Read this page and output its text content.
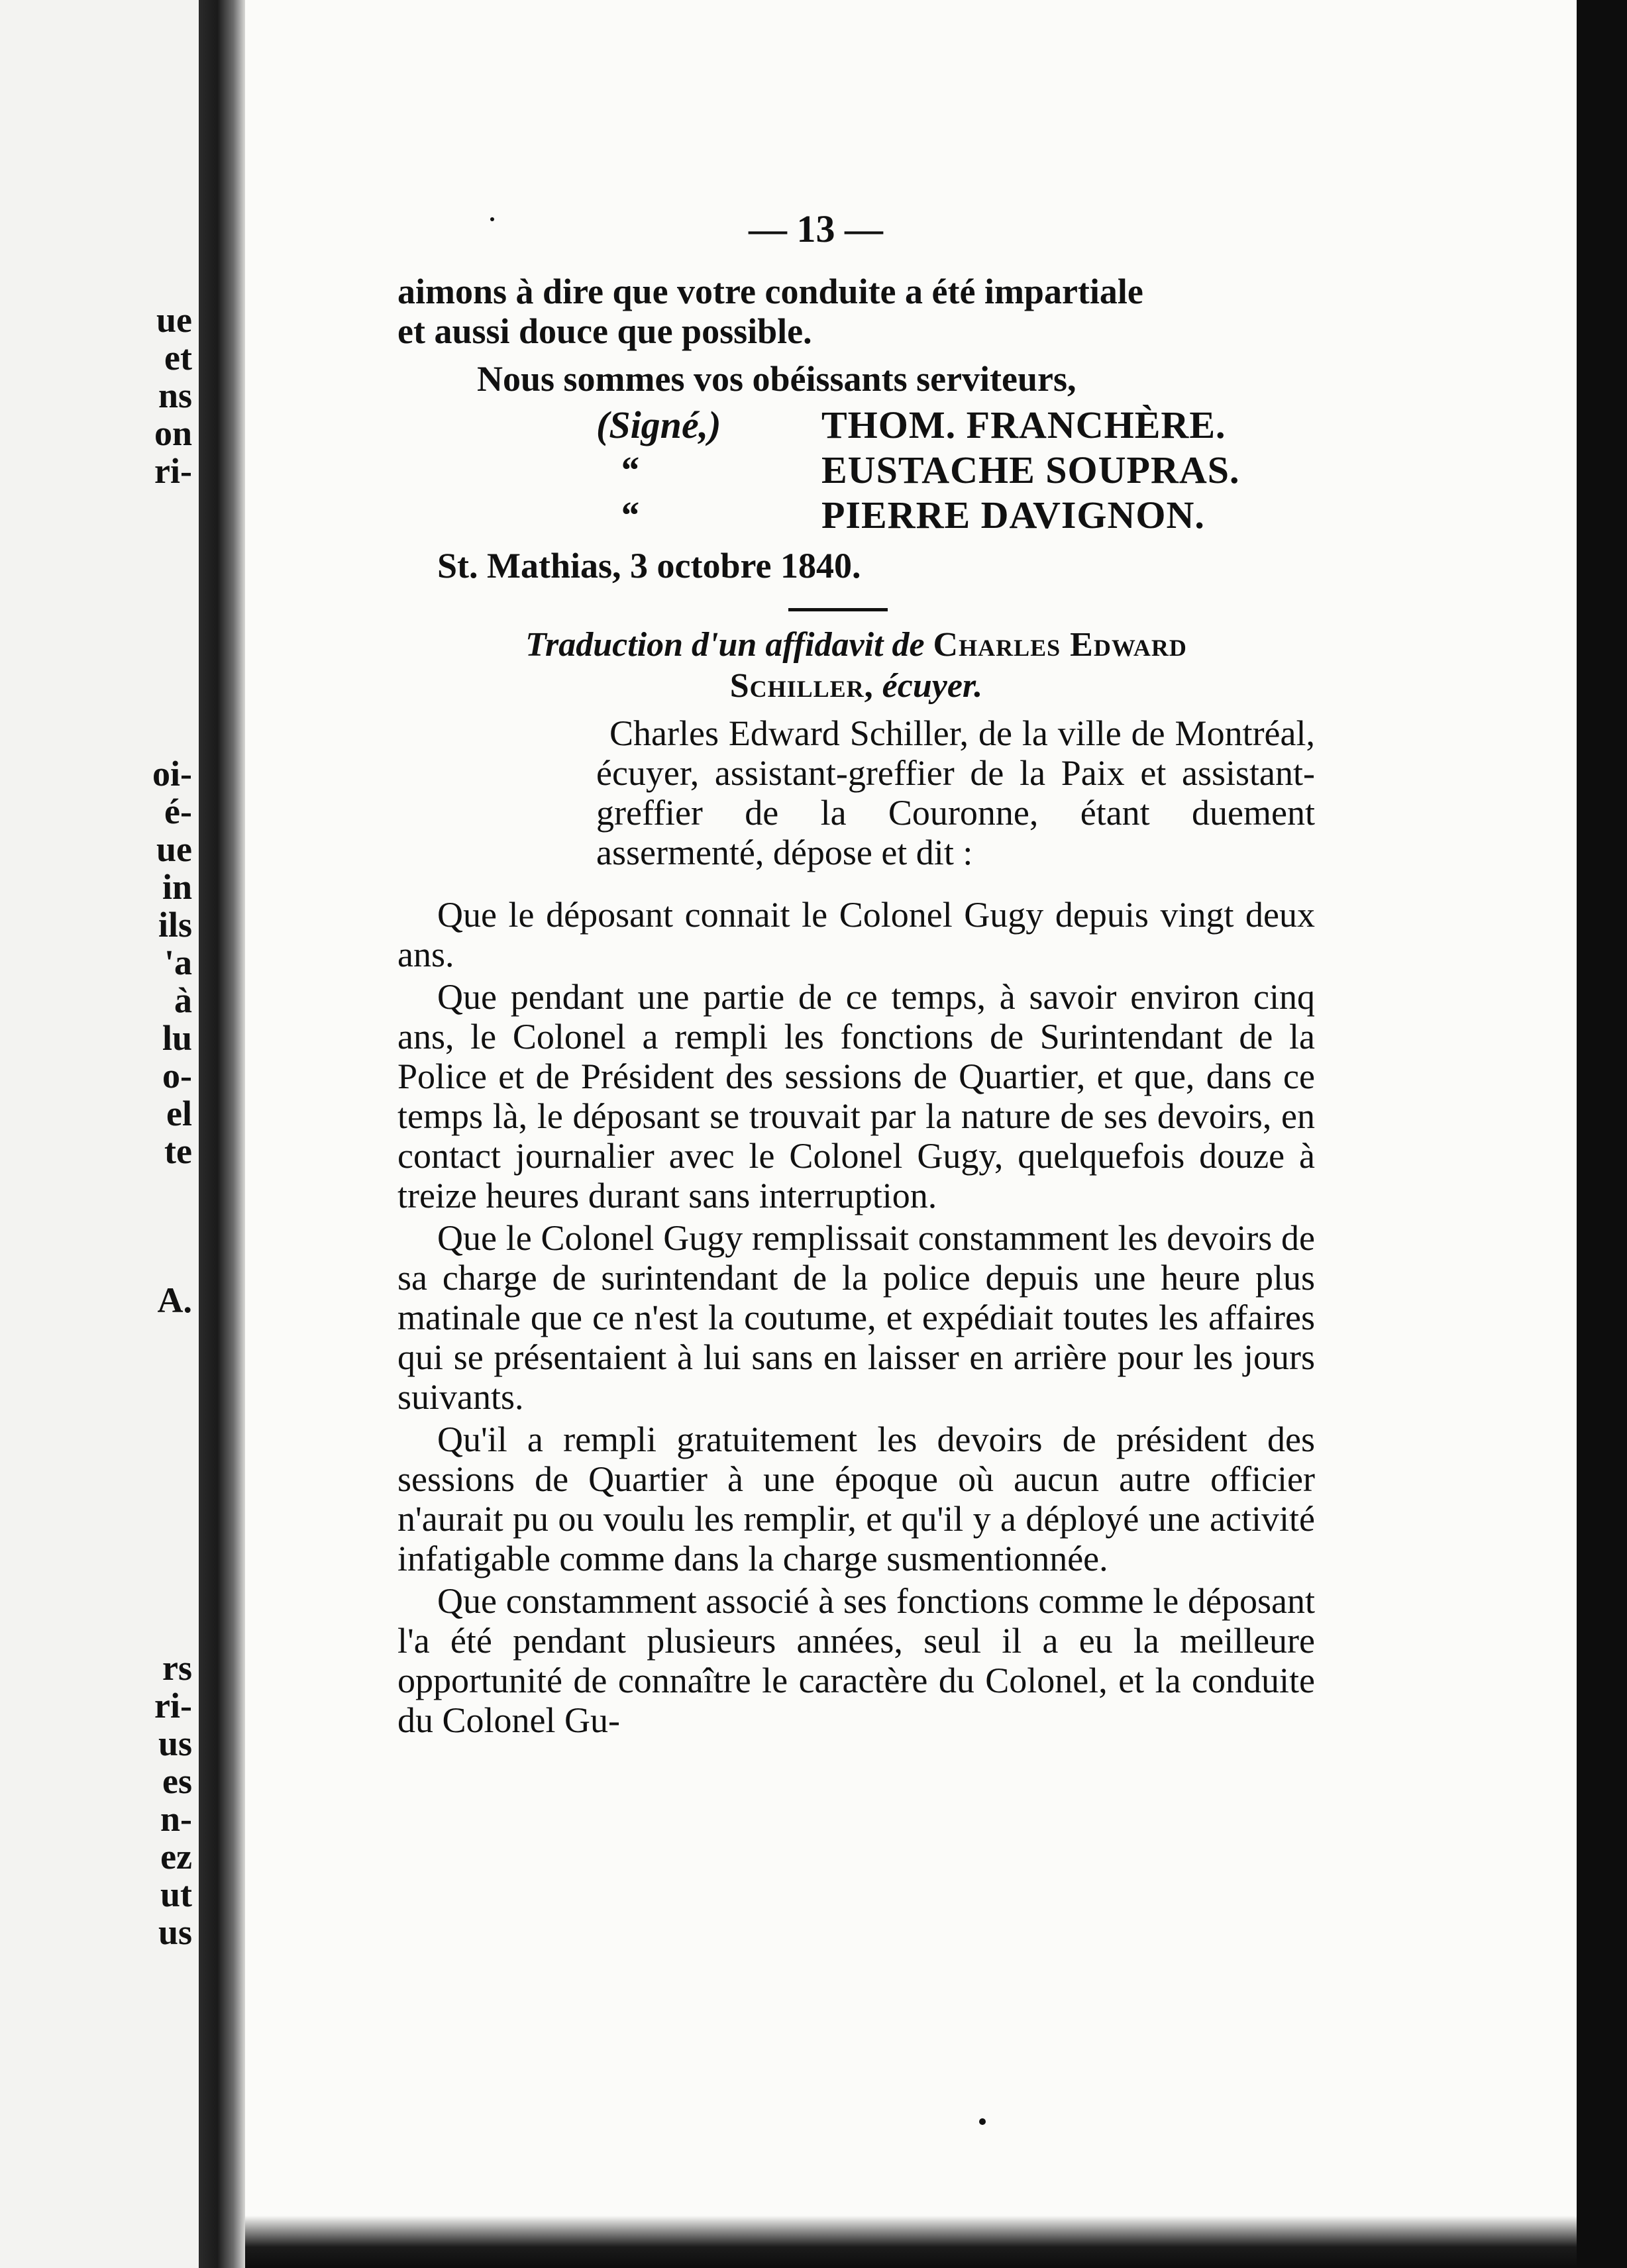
ue
et
ns
on
ri-
oi-
é-
ue
in
ils
'a
à
lu
o-
el
te
A.
rs
ri-
us
es
n-
ez
ut
us
— 13 —

aimons à dire que votre conduite a été impartiale

et aussi douce que possible.

Nous sommes vos obéissants serviteurs,

(Signé,)	THOM. FRANCHÈRE.
“	EUSTACHE SOUPRAS.
“	PIERRE DAVIGNON.

St. Mathias, 3 octobre 1840.

Traduction d'un affidavit de Charles Edward
Schiller, écuyer.

Charles Edward Schiller, de la ville de Montréal, écuyer, assistant-greffier de la Paix et assistant-greffier de la Couronne, étant duement assermenté, dépose et dit :

Que le déposant connait le Colonel Gugy depuis vingt deux ans.

Que pendant une partie de ce temps, à savoir environ cinq ans, le Colonel a rempli les fonctions de Surintendant de la Police et de Président des sessions de Quartier, et que, dans ce temps là, le déposant se trouvait par la nature de ses devoirs, en contact journalier avec le Colonel Gugy, quelquefois douze à treize heures durant sans interruption.

Que le Colonel Gugy remplissait constamment les devoirs de sa charge de surintendant de la police depuis une heure plus matinale que ce n'est la coutume, et expédiait toutes les affaires qui se présentaient à lui sans en laisser en arrière pour les jours suivants.

Qu'il a rempli gratuitement les devoirs de président des sessions de Quartier à une époque où aucun autre officier n'aurait pu ou voulu les remplir, et qu'il y a déployé une activité infatigable comme dans la charge susmentionnée.

Que constamment associé à ses fonctions comme le déposant l'a été pendant plusieurs années, seul il a eu la meilleure opportunité de connaître le caractère du Colonel, et la conduite du Colonel Gu-
